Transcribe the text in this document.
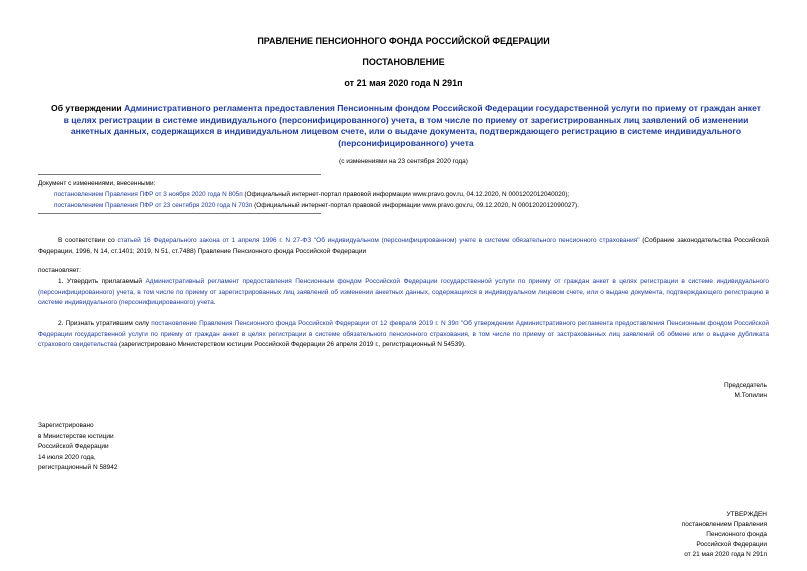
ПРАВЛЕНИЕ ПЕНСИОННОГО ФОНДА РОССИЙСКОЙ ФЕДЕРАЦИИ
ПОСТАНОВЛЕНИЕ
от 21 мая 2020 года N 291п
Об утверждении Административного регламента предоставления Пенсионным фондом Российской Федерации государственной услуги по приему от граждан анкет в целях регистрации в системе индивидуального (персонифицированного) учета, в том числе по приему от зарегистрированных лиц заявлений об изменении анкетных данных, содержащихся в индивидуальном лицевом счете, или о выдаче документа, подтверждающего регистрацию в системе индивидуального (персонифицированного) учета
(с изменениями на 23 сентября 2020 года)
Документ с изменениями, внесенными:
постановлением Правления ПФР от 3 ноября 2020 года N 805п (Официальный интернет-портал правовой информации www.pravo.gov.ru, 04.12.2020, N 0001202012040020);
постановлением Правления ПФР от 23 сентября 2020 года N 703п (Официальный интернет-портал правовой информации www.pravo.gov.ru, 09.12.2020, N 0001202012090027).
В соответствии со статьей 16 Федерального закона от 1 апреля 1996 г. N 27-ФЗ "Об индивидуальном (персонифицированном) учете в системе обязательного пенсионного страхования" (Собрание законодательства Российской Федерации, 1996, N 14, ст.1401; 2019, N 51, ст.7488) Правление Пенсионного фонда Российской Федерации
постановляет:
1. Утвердить прилагаемый Административный регламент предоставления Пенсионным фондом Российской Федерации государственной услуги по приему от граждан анкет в целях регистрации в системе индивидуального (персонифицированного) учета, в том числе по приему от зарегистрированных лиц заявлений об изменении анкетных данных, содержащихся в индивидуальном лицевом счете, или о выдаче документа, подтверждающего регистрацию в системе индивидуального (персонифицированного) учета.
2. Признать утратившим силу постановление Правления Пенсионного фонда Российской Федерации от 12 февраля 2019 г. N 39п "Об утверждении Административного регламента предоставления Пенсионным фондом Российской Федерации государственной услуги по приему от граждан анкет в целях регистрации в системе обязательного пенсионного страхования, в том числе по приему от застрахованных лиц заявлений об обмене или о выдаче дубликата страхового свидетельства (зарегистрировано Министерством юстиции Российской Федерации 26 апреля 2019 г., регистрационный N 54539).
Председатель
М.Топилин
Зарегистрировано
в Министерстве юстиции
Российской Федерации
14 июля 2020 года,
регистрационный N 58942
УТВЕРЖДЕН
постановлением Правления
Пенсионного фонда
Российской Федерации
от 21 мая 2020 года N 291п
